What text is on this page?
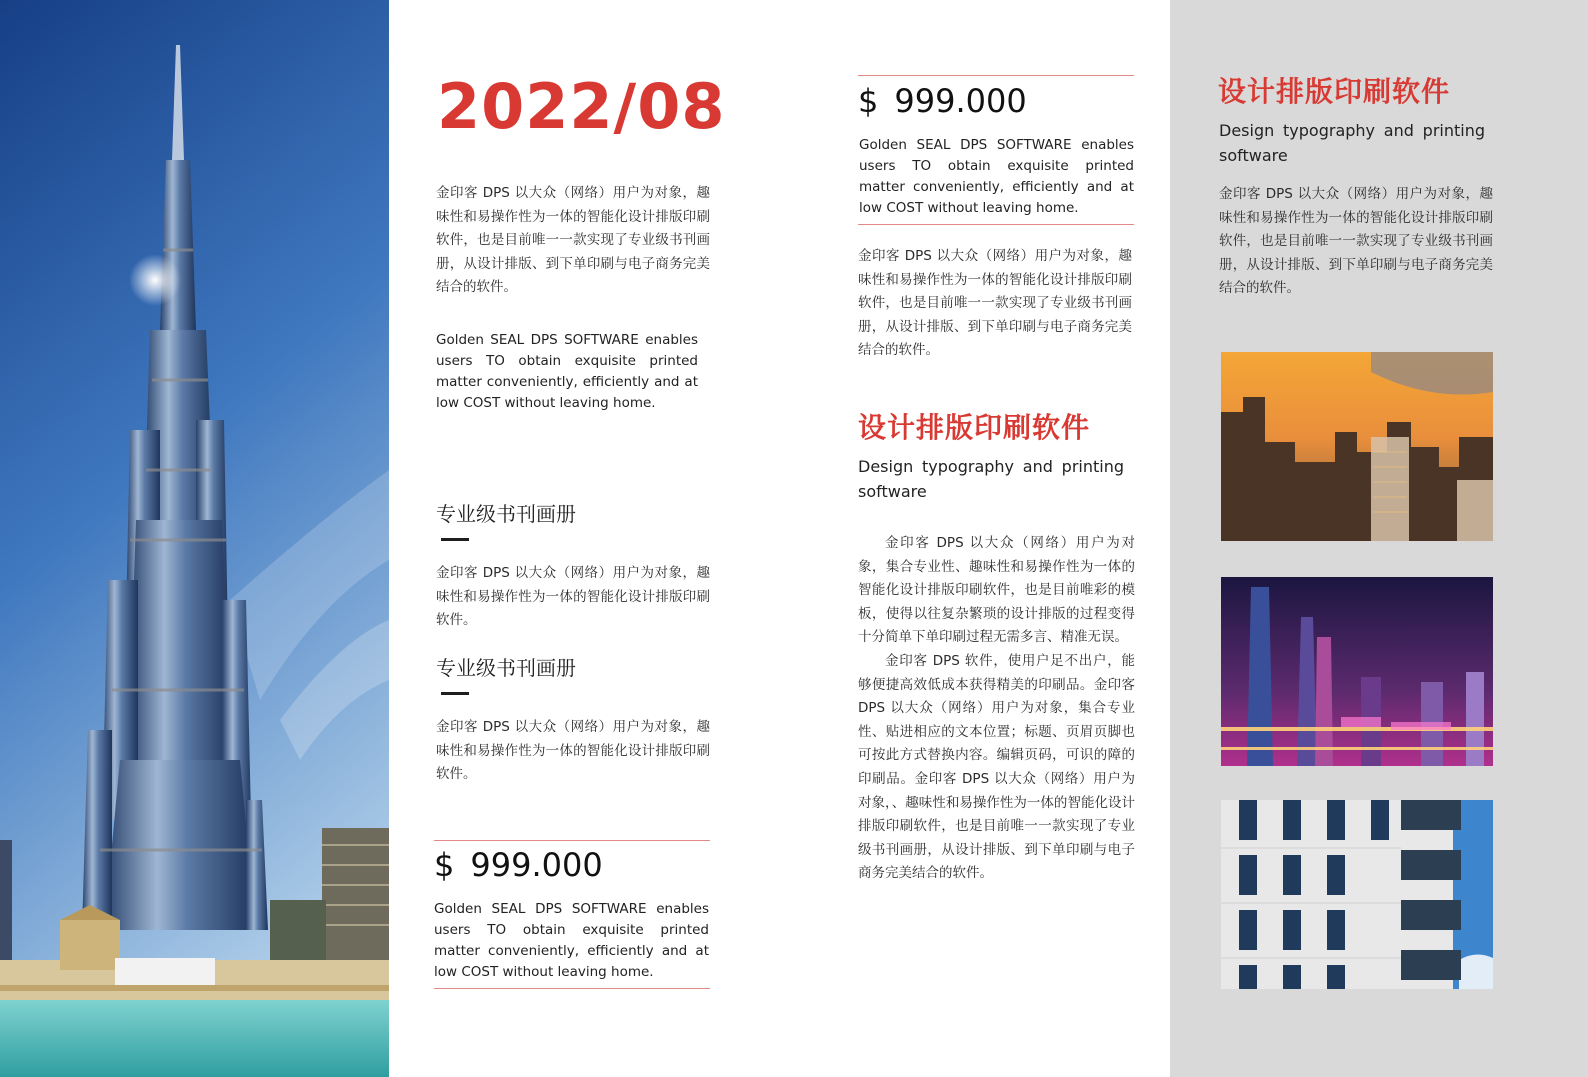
2022/08
金印客 DPS 以大众（网络）用户为对象，趣味性和易操作性为一体的智能化设计排版印刷软件，也是目前唯一一款实现了专业级书刊画册，从设计排版、到下单印刷与电子商务完美结合的软件。
Golden SEAL DPS SOFTWARE enables users TO obtain exquisite printed matter conveniently, efficiently and at low COST without leaving home.
专业级书刊画册
金印客 DPS 以大众（网络）用户为对象，趣味性和易操作性为一体的智能化设计排版印刷软件。
专业级书刊画册
金印客 DPS 以大众（网络）用户为对象，趣味性和易操作性为一体的智能化设计排版印刷软件。
$ 999.000
Golden SEAL DPS SOFTWARE enables users TO obtain exquisite printed matter conveniently, efficiently and at low COST without leaving home.
$ 999.000
Golden SEAL DPS SOFTWARE enables users TO obtain exquisite printed matter conveniently, efficiently and at low COST without leaving home.
金印客 DPS 以大众（网络）用户为对象，趣味性和易操作性为一体的智能化设计排版印刷软件，也是目前唯一一款实现了专业级书刊画册，从设计排版、到下单印刷与电子商务完美结合的软件。
设计排版印刷软件
Design typography and printing software

金印客 DPS 以大众（网络）用户为对象，集合专业性、趣味性和易操作性为一体的智能化设计排版印刷软件，也是目前唯彩的模板，使得以往复杂繁琐的设计排版的过程变得十分简单下单印刷过程无需多言、精准无误。

金印客 DPS 软件，使用户足不出户，能够便捷高效低成本获得精美的印刷品。金印客 DPS 以大众（网络）用户为对象，集合专业性、贴进相应的文本位置；标题、页眉页脚也可按此方式替换内容。编辑页码，可识的障的印刷品。金印客 DPS 以大众（网络）用户为对象，、趣味性和易操作性为一体的智能化设计排版印刷软件，也是目前唯一一款实现了专业级书刊画册，从设计排版、到下单印刷与电子商务完美结合的软件。

设计排版印刷软件
Design typography and printing software
金印客 DPS 以大众（网络）用户为对象，趣味性和易操作性为一体的智能化设计排版印刷软件，也是目前唯一一款实现了专业级书刊画册，从设计排版、到下单印刷与电子商务完美结合的软件。
